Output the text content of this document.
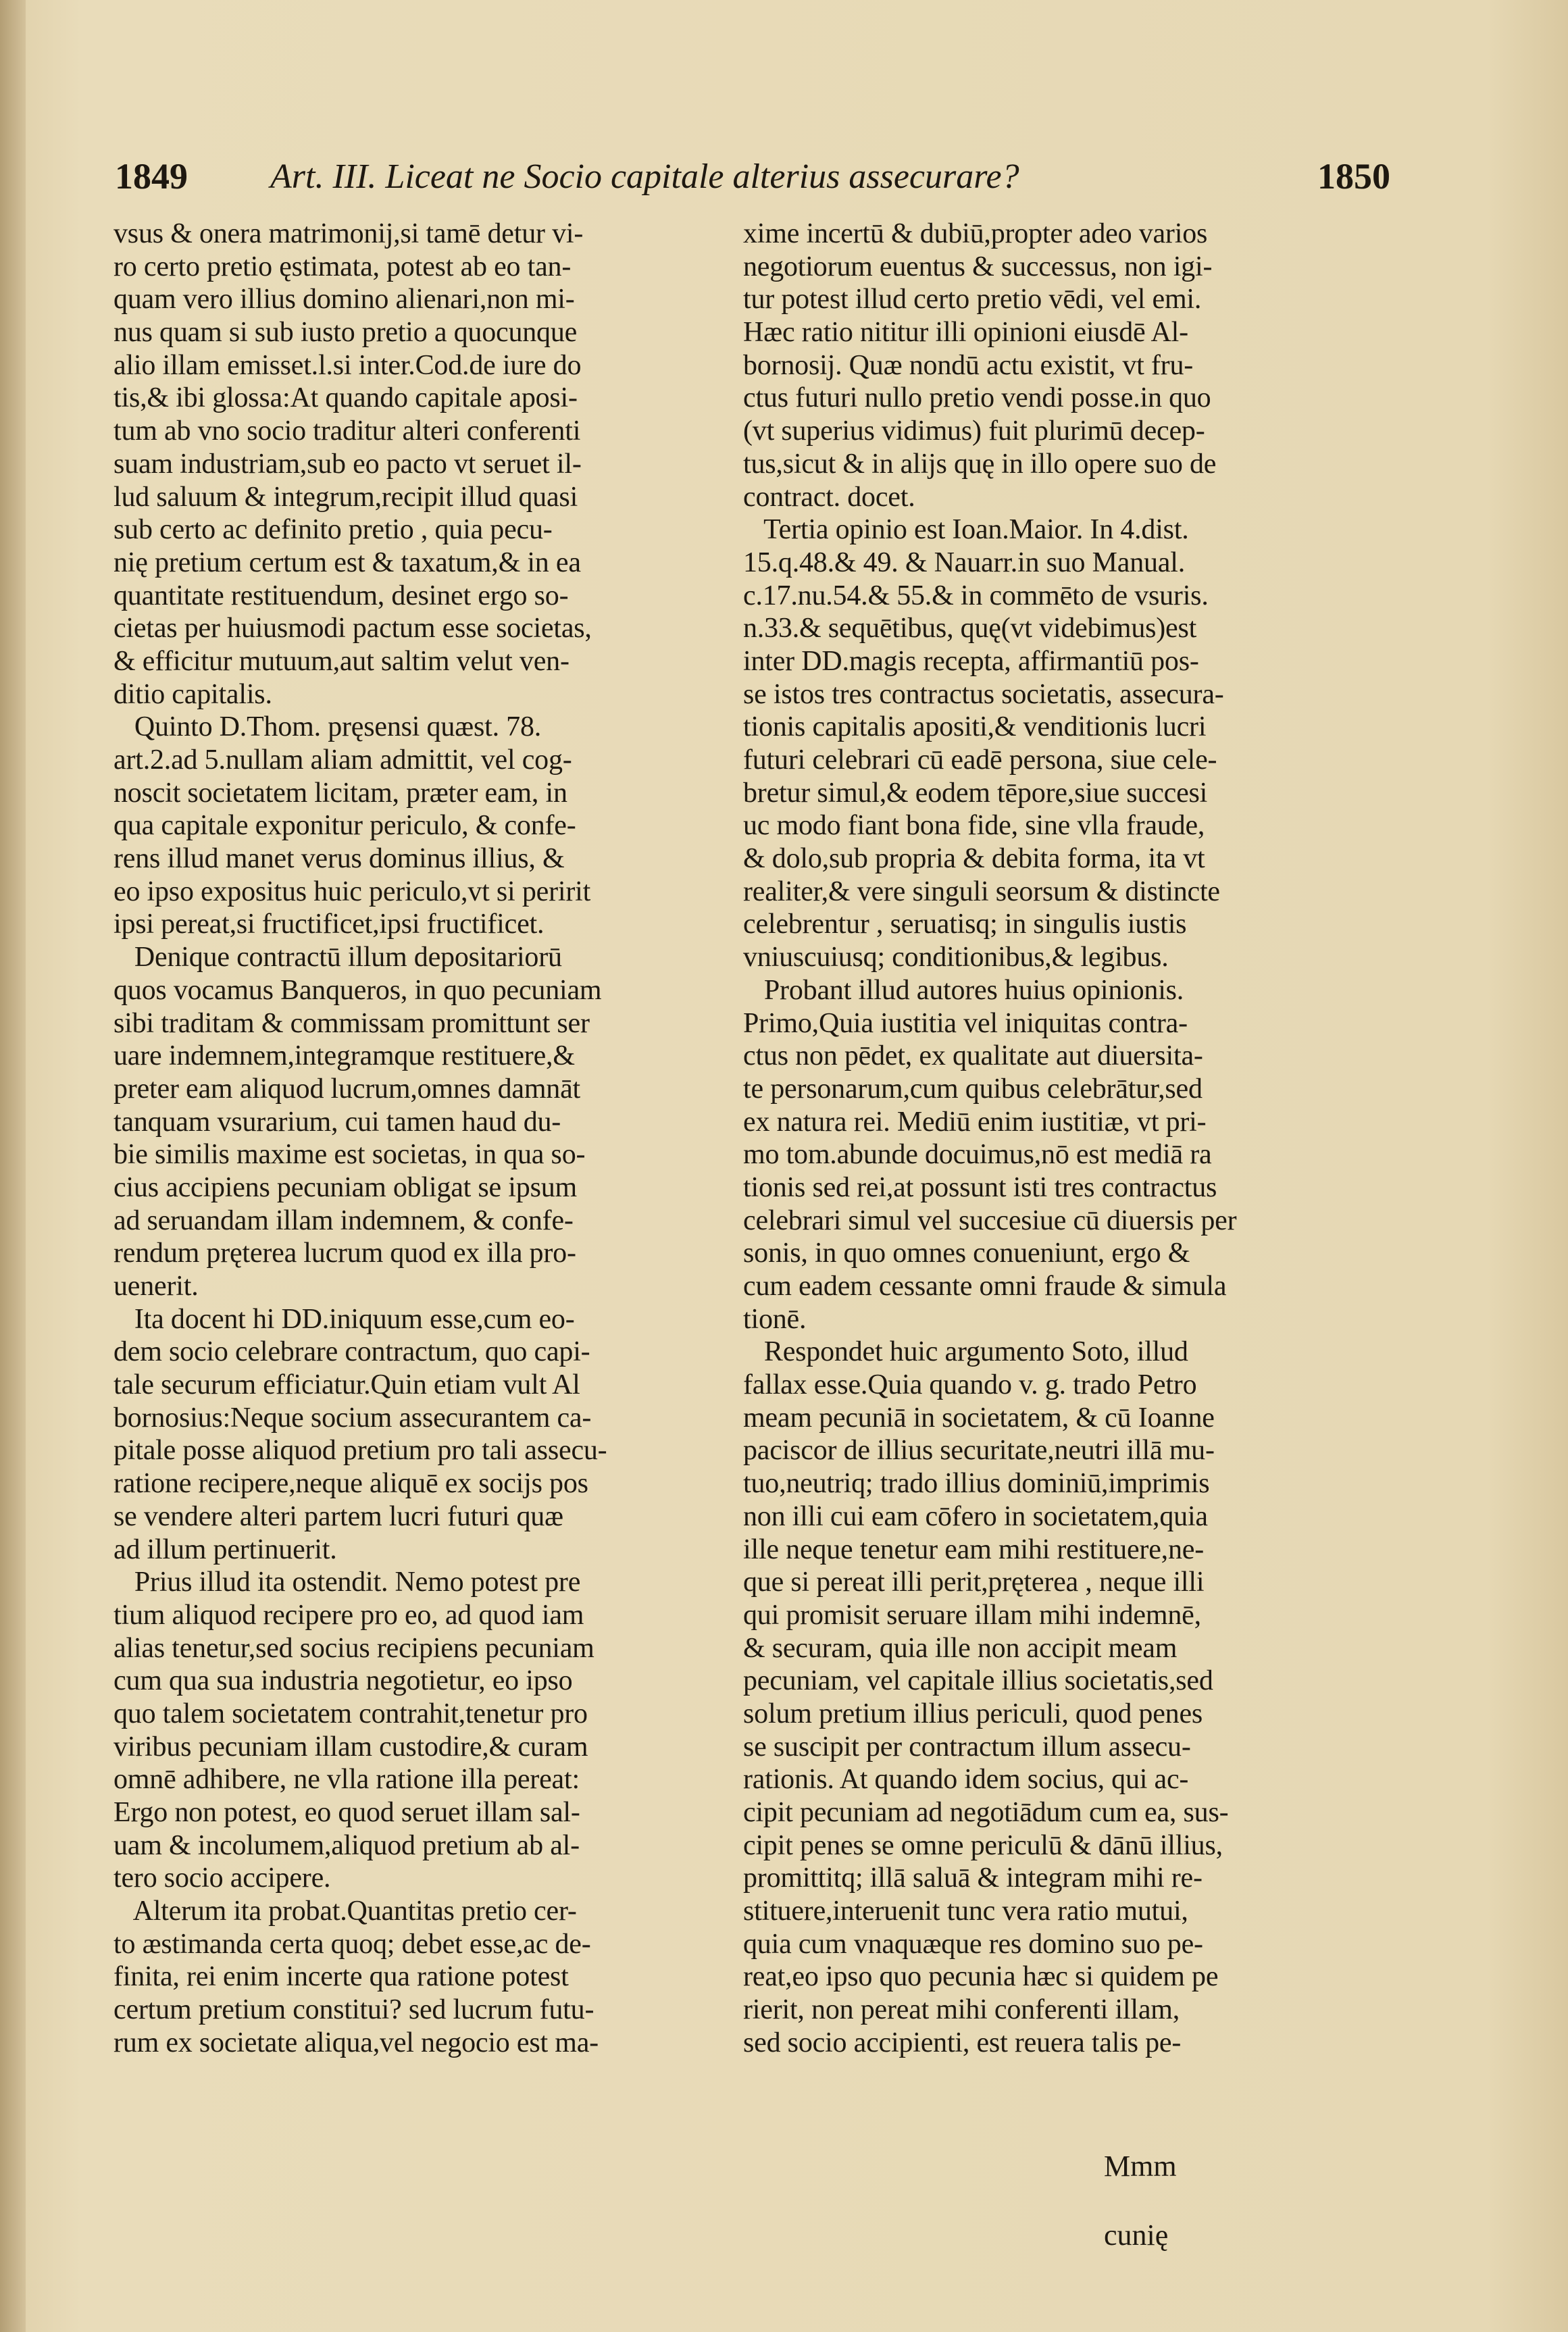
1849 Art. III. Liceat ne Socio capitale alterius assecurare?	1850
vsus & onera matrimonij,si tamē detur vi-
ro certo pretio ęstimata, potest ab eo tan-
quam vero illius domino alienari,non mi-
nus quam si sub iusto pretio a quocunque
alio illam emisset.l.si inter.Cod.de iure do
tis,& ibi glossa:At quando capitale aposi-
tum ab vno socio traditur alteri conferenti
suam industriam,sub eo pacto vt seruet il-
lud saluum & integrum,recipit illud quasi
sub certo ac definito pretio , quia pecu-
nię pretium certum est & taxatum,& in ea
quantitate restituendum, desinet ergo so-
cietas per huiusmodi pactum esse societas,
& efficitur mutuum,aut saltim velut ven-
ditio capitalis.
Quinto D.Thom. pręsensi quæst. 78.
art.2.ad 5.nullam aliam admittit, vel cog-
noscit societatem licitam, præter eam, in
qua capitale exponitur periculo, & confe-
rens illud manet verus dominus illius, &
eo ipso expositus huic periculo,vt si peririt
ipsi pereat,si fructificet,ipsi fructificet.
Denique contractū illum depositariorū
quos vocamus Banqueros, in quo pecuniam
sibi traditam & commissam promittunt ser
uare indemnem,integramque restituere,&
preter eam aliquod lucrum,omnes damnāt
tanquam vsurarium, cui tamen haud du-
bie similis maxime est societas, in qua so-
cius accipiens pecuniam obligat se ipsum
ad seruandam illam indemnem, & confe-
rendum pręterea lucrum quod ex illa pro-
uenerit.
Ita docent hi DD.iniquum esse,cum eo-
dem socio celebrare contractum, quo capi-
tale securum efficiatur.Quin etiam vult Al
bornosius:Neque socium assecurantem ca-
pitale posse aliquod pretium pro tali assecu-
ratione recipere,neque aliquē ex socijs pos
se vendere alteri partem lucri futuri quæ
ad illum pertinuerit.
Prius illud ita ostendit. Nemo potest pre
tium aliquod recipere pro eo, ad quod iam
alias tenetur,sed socius recipiens pecuniam
cum qua sua industria negotietur, eo ipso
quo talem societatem contrahit,tenetur pro
viribus pecuniam illam custodire,& curam
omnē adhibere, ne vlla ratione illa pereat:
Ergo non potest, eo quod seruet illam sal-
uam & incolumem,aliquod pretium ab al-
tero socio accipere.
Alterum ita probat.Quantitas pretio cer-
to æstimanda certa quoq; debet esse,ac de-
finita, rei enim incerte qua ratione potest
certum pretium constitui? sed lucrum futu-
rum ex societate aliqua,vel negocio est ma-
xime incertū & dubiū,propter adeo varios
negotiorum euentus & successus, non igi-
tur potest illud certo pretio vēdi, vel emi.
Hæc ratio nititur illi opinioni eiusdē Al-
bornosij. Quæ nondū actu existit, vt fru-
ctus futuri nullo pretio vendi posse.in quo
(vt superius vidimus) fuit plurimū decep-
tus,sicut & in alijs quę in illo opere suo de
contract. docet.
Tertia opinio est Ioan.Maior. In 4.dist.
15.q.48.& 49. & Nauarr.in suo Manual.
c.17.nu.54.& 55.& in commēto de vsuris.
n.33.& sequētibus, quę(vt videbimus)est
inter DD.magis recepta, affirmantiū pos-
se istos tres contractus societatis, assecura-
tionis capitalis apositi,& venditionis lucri
futuri celebrari cū eadē persona, siue cele-
bretur simul,& eodem tēpore,siue succesi
uc modo fiant bona fide, sine vlla fraude,
& dolo,sub propria & debita forma, ita vt
realiter,& vere singuli seorsum & distincte
celebrentur , seruatisq; in singulis iustis
vniuscuiusq; conditionibus,& legibus.
Probant illud autores huius opinionis.
Primo,Quia iustitia vel iniquitas contra-
ctus non pēdet, ex qualitate aut diuersita-
te personarum,cum quibus celebrātur,sed
ex natura rei. Mediū enim iustitiæ, vt pri-
mo tom.abunde docuimus,nō est mediā ra
tionis sed rei,at possunt isti tres contractus
celebrari simul vel succesiue cū diuersis per
sonis, in quo omnes conueniunt, ergo &
cum eadem cessante omni fraude & simula
tionē.
Respondet huic argumento Soto, illud
fallax esse.Quia quando v. g. trado Petro
meam pecuniā in societatem, & cū Ioanne
paciscor de illius securitate,neutri illā mu-
tuo,neutriq; trado illius dominiū,imprimis
non illi cui eam cōfero in societatem,quia
ille neque tenetur eam mihi restituere,ne-
que si pereat illi perit,pręterea , neque illi
qui promisit seruare illam mihi indemnē,
& securam, quia ille non accipit meam
pecuniam, vel capitale illius societatis,sed
solum pretium illius periculi, quod penes
se suscipit per contractum illum assecu-
rationis. At quando idem socius, qui ac-
cipit pecuniam ad negotiādum cum ea, sus-
cipit penes se omne periculū & dānū illius,
promittitq; illā saluā & integram mihi re-
stituere,interuenit tunc vera ratio mutui,
quia cum vnaquæque res domino suo pe-
reat,eo ipso quo pecunia hæc si quidem pe
rierit, non pereat mihi conferenti illam,
sed socio accipienti, est reuera talis pe-

Mmm

cunię
